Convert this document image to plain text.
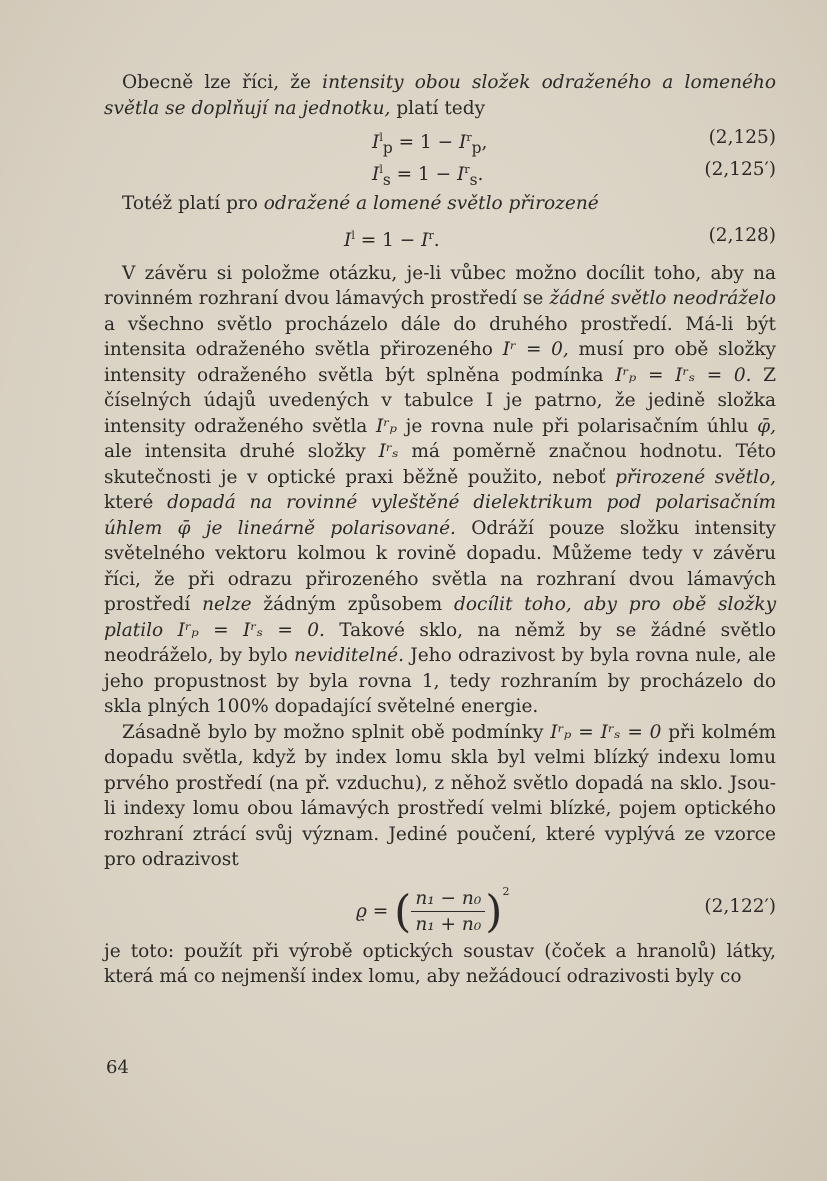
Obecně lze říci, že intensity obou složek odraženého a lomeného světla se doplňují na jednotku, platí tedy

$I^l_p = 1 - I^r_p$,	(2,125)
$I^l_s = 1 - I^r_s$.	(2,125′)

Totéž platí pro odražené a lomené světlo přirozené

$I^l = 1 - I^r$.	(2,128)

V závěru si položme otázku, je-li vůbec možno docílit toho, aby na rovinném rozhraní dvou lámavých prostředí se žádné světlo neodráželo a všechno světlo procházelo dále do druhého prostředí. Má-li být intensita odraženého světla přirozeného Iʳ = 0, musí pro obě složky intensity odraženého světla být splněna podmínka Iʳₚ = Iʳₛ = 0. Z číselných údajů uvedených v tabulce I je patrno, že jedině složka intensity odraženého světla Iʳₚ je rovna nule při polarisačním úhlu φ̄, ale intensita druhé složky Iʳₛ má poměrně značnou hodnotu. Této skutečnosti je v optické praxi běžně použito, neboť přirozené světlo, které dopadá na rovinné vyleštěné dielektrikum pod polarisačním úhlem φ̄ je lineárně polarisované. Odráží pouze složku intensity světelného vektoru kolmou k rovině dopadu. Můžeme tedy v závěru říci, že při odrazu přirozeného světla na rozhraní dvou lámavých prostředí nelze žádným způsobem docílit toho, aby pro obě složky platilo Iʳₚ = Iʳₛ = 0. Takové sklo, na němž by se žádné světlo neodráželo, by bylo neviditelné. Jeho odrazivost by byla rovna nule, ale jeho propustnost by byla rovna 1, tedy rozhraním by procházelo do skla plných 100% dopadající světelné energie.

Zásadně bylo by možno splnit obě podmínky Iʳₚ = Iʳₛ = 0 při kolmém dopadu světla, když by index lomu skla byl velmi blízký indexu lomu prvého prostředí (na př. vzduchu), z něhož světlo dopadá na sklo. Jsou-li indexy lomu obou lámavých prostředí velmi blízké, pojem optického rozhraní ztrácí svůj význam. Jediné poučení, které vyplývá ze vzorce pro odrazivost

ϱ = ( $\frac{\text{n₁ − n₀}}{\text{n₁ + n₀}} )^2$
(2,122′)

je toto: použít při výrobě optických soustav (čoček a hranolů) látky, která má co nejmenší index lomu, aby nežádoucí odrazivosti byly co

64
